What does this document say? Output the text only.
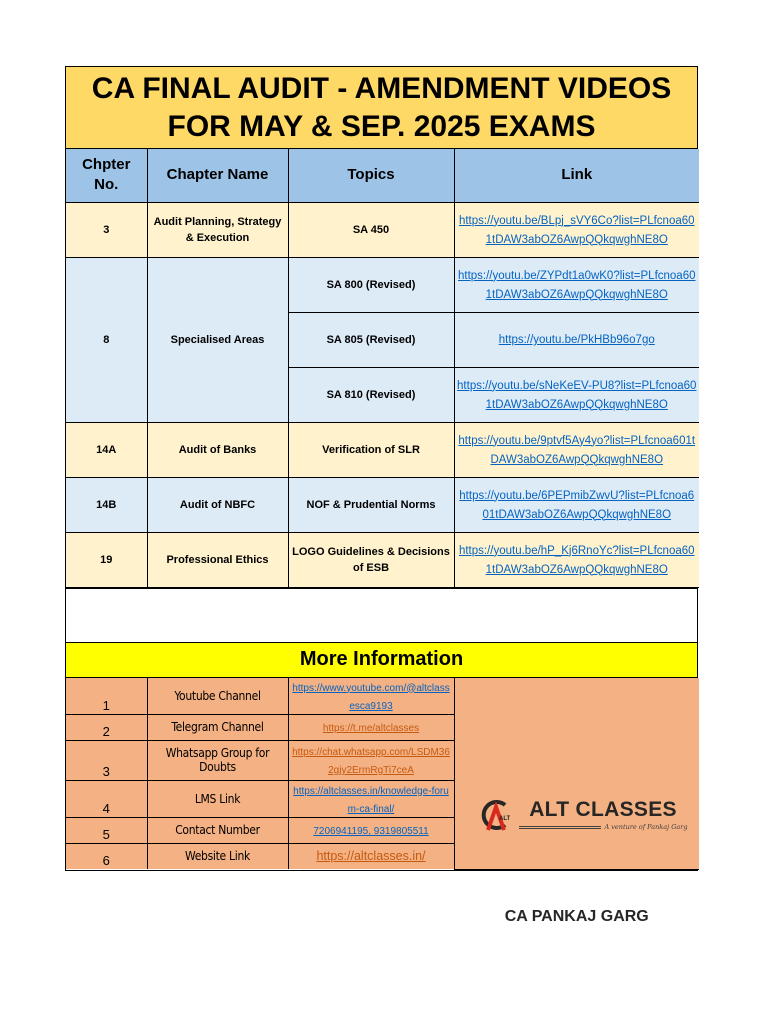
CA FINAL AUDIT - AMENDMENT VIDEOS FOR MAY & SEP. 2025 EXAMS
Chpter No.	Chapter Name	Topics	Link
3	Audit Planning, Strategy & Execution	SA 450	https://youtu.be/BLpj_sVY6Co?list=PLfcnoa601tDAW3abOZ6AwpQQkqwghNE8O
8	Specialised Areas	SA 800 (Revised)	https://youtu.be/ZYPdt1a0wK0?list=PLfcnoa601tDAW3abOZ6AwpQQkqwghNE8O
		SA 805 (Revised)	https://youtu.be/PkHBb96o7go
		SA 810 (Revised)	https://youtu.be/sNeKeEV-PU8?list=PLfcnoa601tDAW3abOZ6AwpQQkqwghNE8O
14A	Audit of Banks	Verification of SLR	https://youtu.be/9ptvf5Ay4yo?list=PLfcnoa601tDAW3abOZ6AwpQQkqwghNE8O
14B	Audit of NBFC	NOF & Prudential Norms	https://youtu.be/6PEPmibZwvU?list=PLfcnoa601tDAW3abOZ6AwpQQkqwghNE8O
19	Professional Ethics	LOGO Guidelines & Decisions of ESB	https://youtu.be/hP_Kj6RnoYc?list=PLfcnoa601tDAW3abOZ6AwpQQkqwghNE8O
More Information
1	Youtube Channel	https://www.youtube.com/@altclassesca9193	ALT ALT CLASSES
A venture of Pankaj Garg
CA PANKAJ GARG

2	Telegram Channel	https://t.me/altclasses	
3	Whatsapp Group for Doubts	https://chat.whatsapp.com/LSDM362gjy2ErmRgTi7ceA	
4	LMS Link	https://altclasses.in/knowledge-forum-ca-final/	
5	Contact Number	7206941195, 9319805511	
6	Website Link	https://altclasses.in/	
